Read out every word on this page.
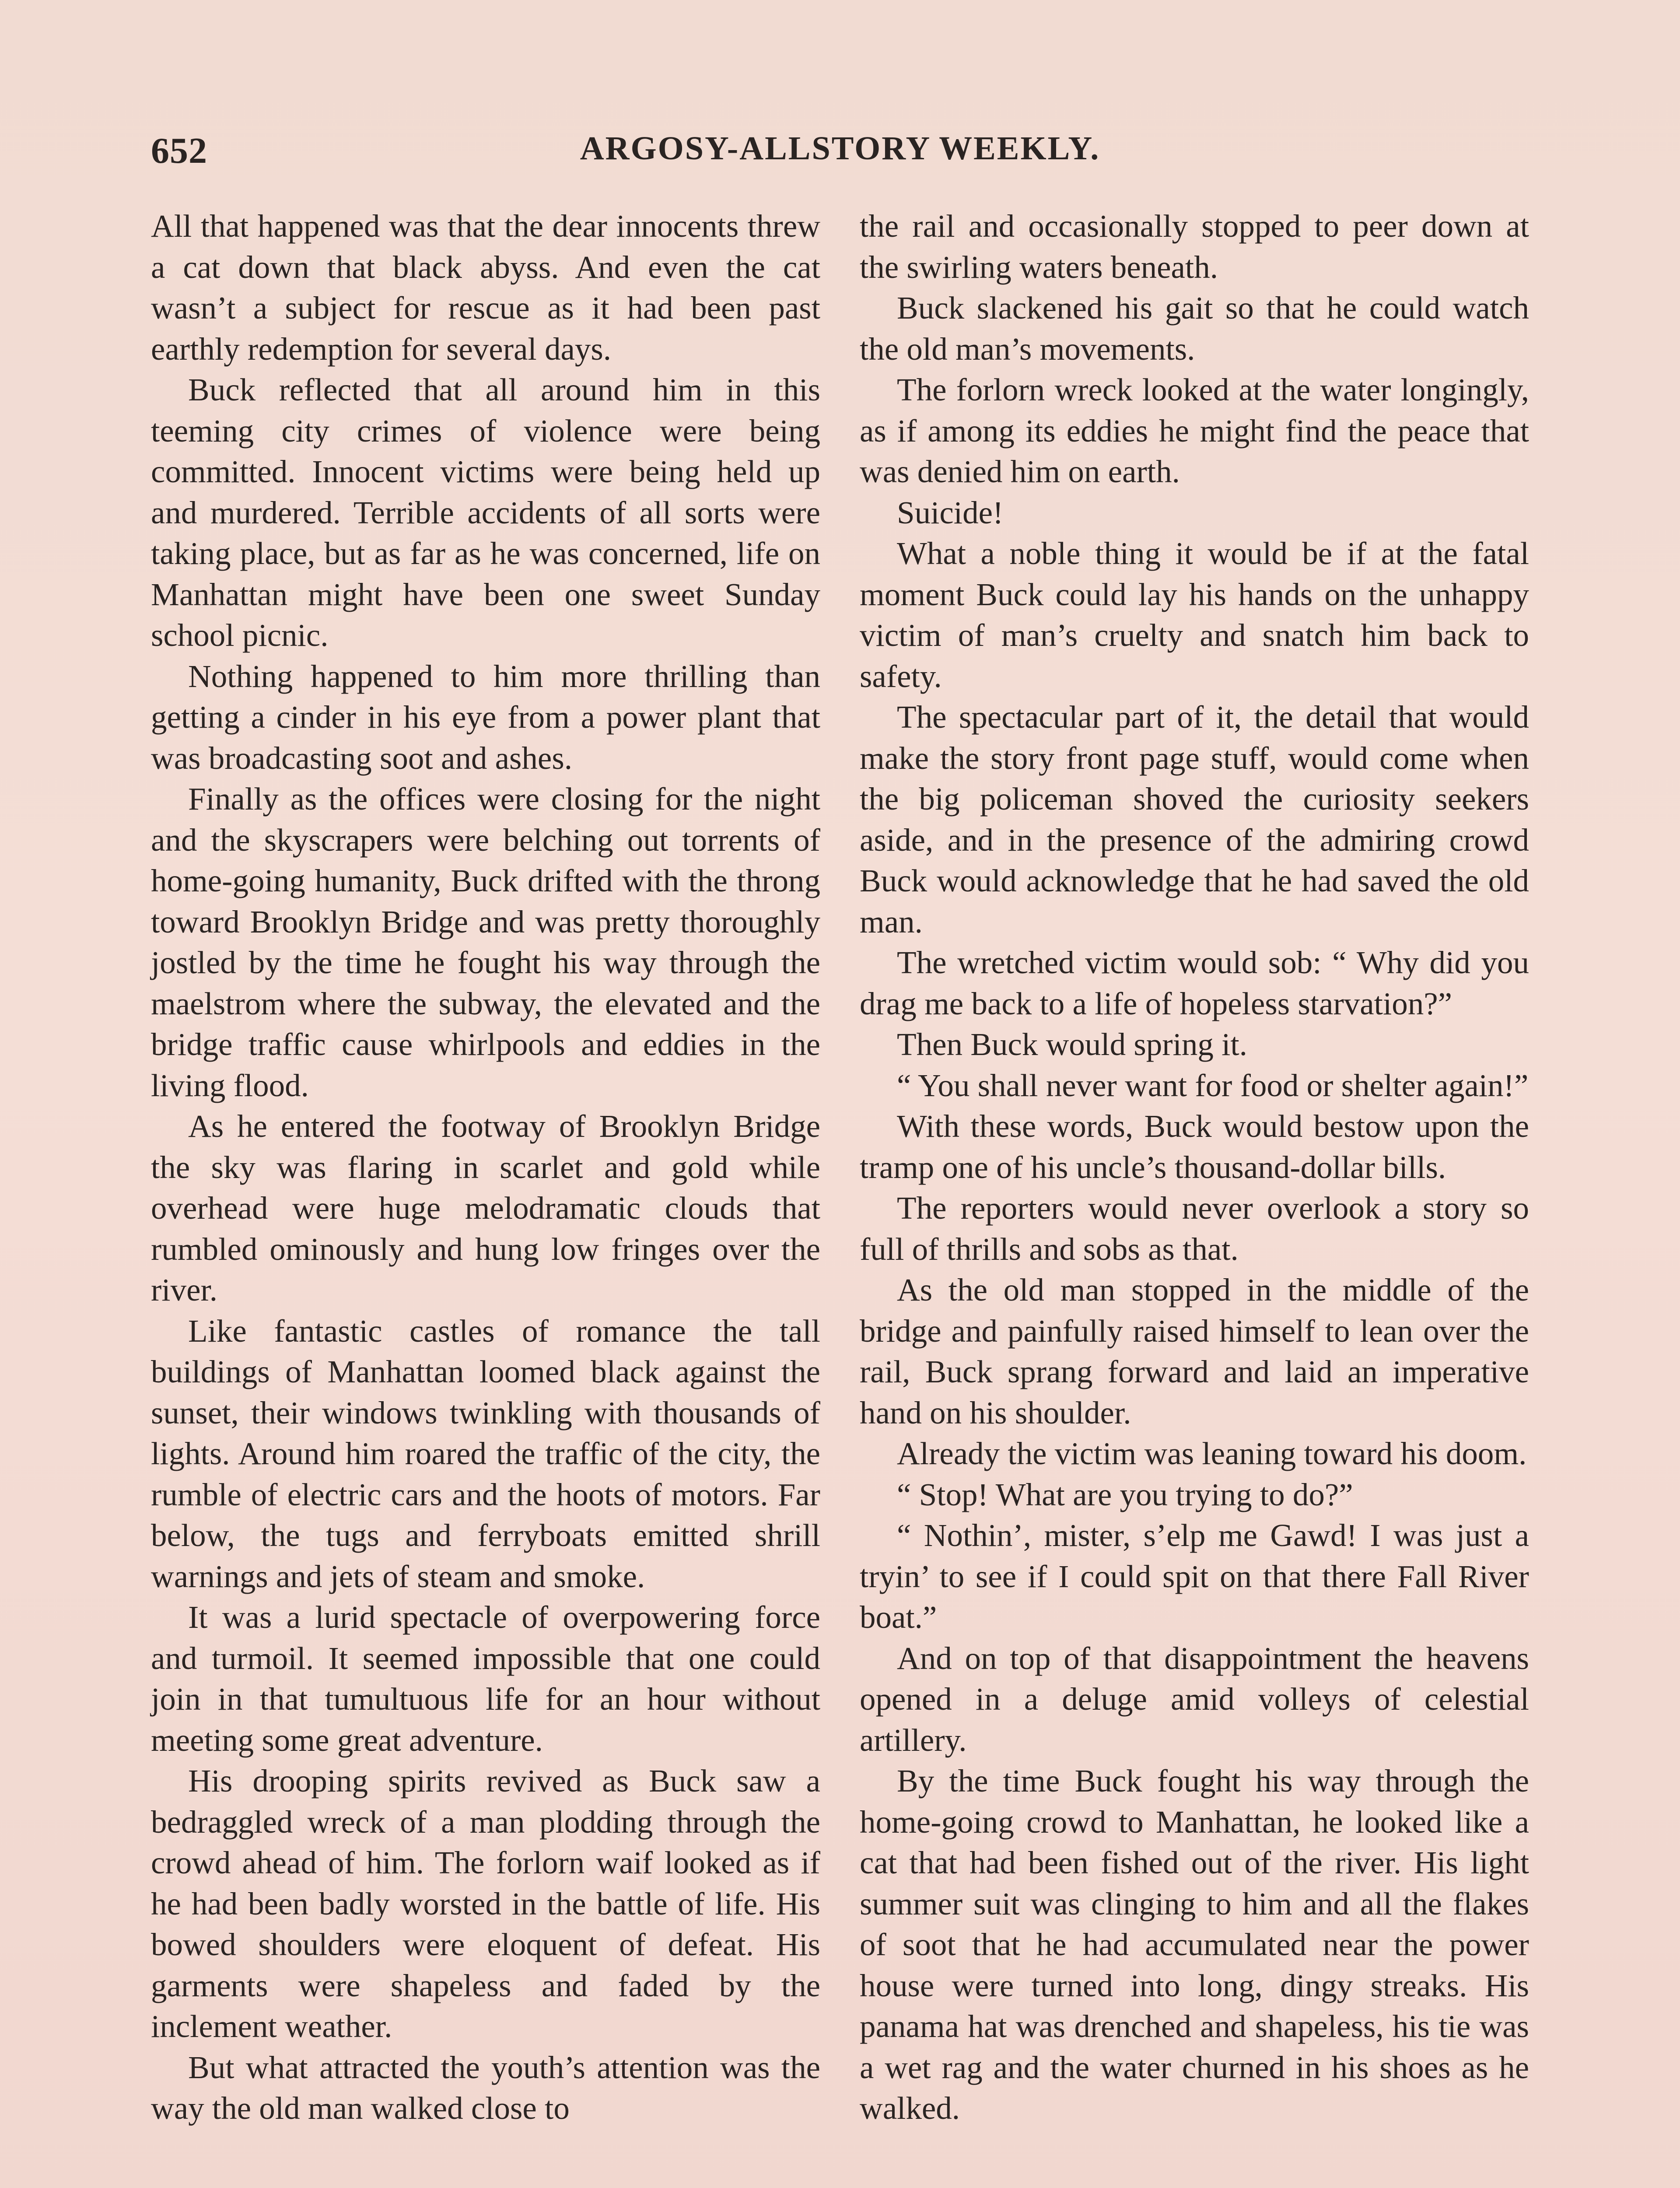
652	ARGOSY-ALLSTORY WEEKLY.

All that happened was that the dear innocents threw a cat down that black abyss. And even the cat wasn’t a subject for rescue as it had been past earthly redemption for several days.

Buck reflected that all around him in this teeming city crimes of violence were being committed. Innocent victims were being held up and murdered. Terrible accidents of all sorts were taking place, but as far as he was concerned, life on Manhattan might have been one sweet Sunday school picnic.

Nothing happened to him more thrilling than getting a cinder in his eye from a power plant that was broadcasting soot and ashes.

Finally as the offices were closing for the night and the skyscrapers were belching out torrents of home-going humanity, Buck drifted with the throng toward Brooklyn Bridge and was pretty thoroughly jostled by the time he fought his way through the maelstrom where the subway, the elevated and the bridge traffic cause whirlpools and eddies in the living flood.

As he entered the footway of Brooklyn Bridge the sky was flaring in scarlet and gold while overhead were huge melodramatic clouds that rumbled ominously and hung low fringes over the river.

Like fantastic castles of romance the tall buildings of Manhattan loomed black against the sunset, their windows twinkling with thousands of lights. Around him roared the traffic of the city, the rumble of electric cars and the hoots of motors. Far below, the tugs and ferryboats emitted shrill warnings and jets of steam and smoke.

It was a lurid spectacle of overpowering force and turmoil. It seemed impossible that one could join in that tumultuous life for an hour without meeting some great adventure.

His drooping spirits revived as Buck saw a bedraggled wreck of a man plodding through the crowd ahead of him. The forlorn waif looked as if he had been badly worsted in the battle of life. His bowed shoulders were eloquent of defeat. His garments were shapeless and faded by the inclement weather.

But what attracted the youth’s attention was the way the old man walked close to

the rail and occasionally stopped to peer down at the swirling waters beneath.

Buck slackened his gait so that he could watch the old man’s movements.

The forlorn wreck looked at the water longingly, as if among its eddies he might find the peace that was denied him on earth.

Suicide!

What a noble thing it would be if at the fatal moment Buck could lay his hands on the unhappy victim of man’s cruelty and snatch him back to safety.

The spectacular part of it, the detail that would make the story front page stuff, would come when the big policeman shoved the curiosity seekers aside, and in the presence of the admiring crowd Buck would acknowledge that he had saved the old man.

The wretched victim would sob: “ Why did you drag me back to a life of hopeless starvation?”

Then Buck would spring it.

“ You shall never want for food or shelter again!”

With these words, Buck would bestow upon the tramp one of his uncle’s thousand-dollar bills.

The reporters would never overlook a story so full of thrills and sobs as that.

As the old man stopped in the middle of the bridge and painfully raised himself to lean over the rail, Buck sprang forward and laid an imperative hand on his shoulder.

Already the victim was leaning toward his doom.

“ Stop! What are you trying to do?”

“ Nothin’, mister, s’elp me Gawd! I was just a tryin’ to see if I could spit on that there Fall River boat.”

And on top of that disappointment the heavens opened in a deluge amid volleys of celestial artillery.

By the time Buck fought his way through the home-going crowd to Manhattan, he looked like a cat that had been fished out of the river. His light summer suit was clinging to him and all the flakes of soot that he had accumulated near the power house were turned into long, dingy streaks. His panama hat was drenched and shapeless, his tie was a wet rag and the water churned in his shoes as he walked.
